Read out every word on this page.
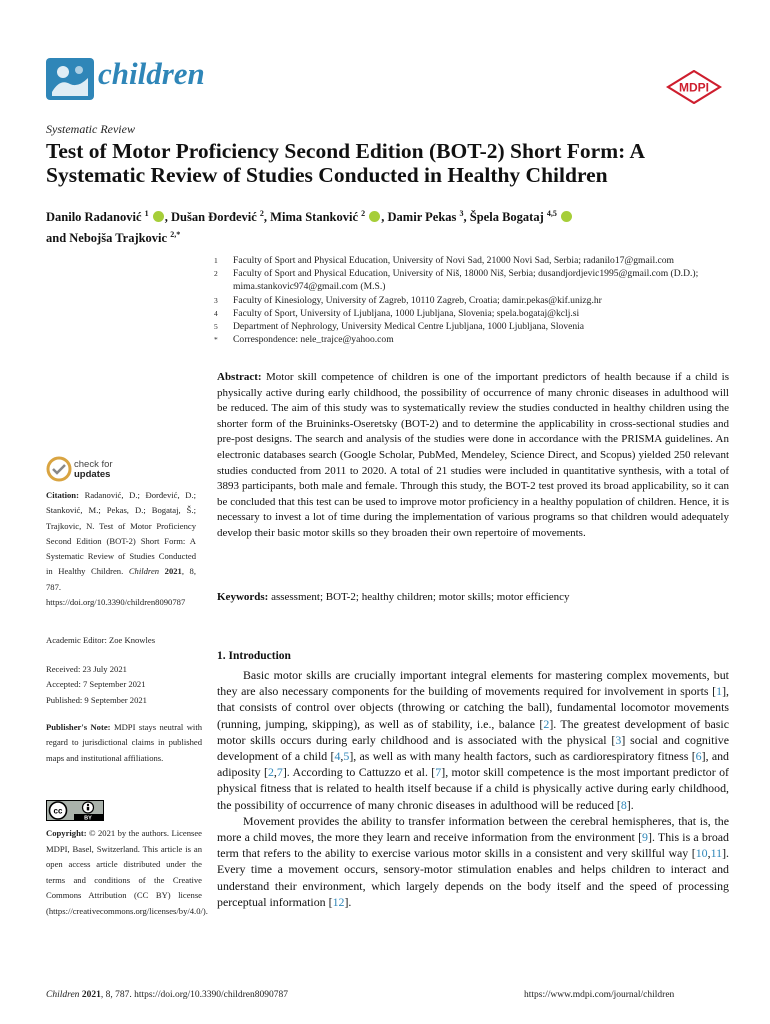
children	MDPI
Systematic Review
Test of Motor Proficiency Second Edition (BOT-2) Short Form: A Systematic Review of Studies Conducted in Healthy Children
Danilo Radanović $^1$ , Dušan Đorđević $^2$, Mima Stanković $^2$ , Damir Pekas $^3$, Špela Bogataj $^{4,5}$
and Nebojša Trajkovic $^{2,*}$
1	Faculty of Sport and Physical Education, University of Novi Sad, 21000 Novi Sad, Serbia; radanilo17@gmail.com
2	Faculty of Sport and Physical Education, University of Niš, 18000 Niš, Serbia; dusandjordjevic1995@gmail.com (D.D.); mima.stankovic974@gmail.com (M.S.)
3	Faculty of Kinesiology, University of Zagreb, 10110 Zagreb, Croatia; damir.pekas@kif.unizg.hr
4	Faculty of Sport, University of Ljubljana, 1000 Ljubljana, Slovenia; spela.bogataj@kclj.si
5	Department of Nephrology, University Medical Centre Ljubljana, 1000 Ljubljana, Slovenia
*	Correspondence: nele_trajce@yahoo.com
Abstract: Motor skill competence of children is one of the important predictors of health because if a child is physically active during early childhood, the possibility of occurrence of many chronic diseases in adulthood will be reduced. The aim of this study was to systematically review the studies conducted in healthy children using the shorter form of the Bruininks-Oseretsky (BOT-2) and to determine the applicability in cross-sectional studies and pre-post designs. The search and analysis of the studies were done in accordance with the PRISMA guidelines. An electronic databases search (Google Scholar, PubMed, Mendeley, Science Direct, and Scopus) yielded 250 relevant studies conducted from 2011 to 2020. A total of 21 studies were included in quantitative synthesis, with a total of 3893 participants, both male and female. Through this study, the BOT-2 test proved its broad applicability, so it can be concluded that this test can be used to improve motor proficiency in a healthy population of children. Hence, it is necessary to invest a lot of time during the implementation of various programs so that children would adequately develop their basic motor skills so they broaden their own repertoire of movements.
Keywords: assessment; BOT-2; healthy children; motor skills; motor efficiency
check for
updates
Citation: Radanović, D.; Đorđević, D.; Stanković, M.; Pekas, D.; Bogataj, Š.; Trajkovic, N. Test of Motor Proficiency Second Edition (BOT-2) Short Form: A Systematic Review of Studies Conducted in Healthy Children. Children 2021, 8, 787. https://doi.org/10.3390/children8090787
Academic Editor: Zoe Knowles
Received: 23 July 2021
Accepted: 7 September 2021
Published: 9 September 2021
Publisher's Note: MDPI stays neutral with regard to jurisdictional claims in published maps and institutional affiliations.
cc
BY
Copyright: © 2021 by the authors. Licensee MDPI, Basel, Switzerland. This article is an open access article distributed under the terms and conditions of the Creative Commons Attribution (CC BY) license (https://creativecommons.org/licenses/by/4.0/).
1. Introduction

Basic motor skills are crucially important integral elements for mastering complex movements, but they are also necessary components for the building of movements required for involvement in sports [1], that consists of control over objects (throwing or catching the ball), fundamental locomotor movements (running, jumping, skipping), as well as of stability, i.e., balance [2]. The greatest development of basic motor skills occurs during early childhood and is associated with the physical [3] social and cognitive development of a child [4,5], as well as with many health factors, such as cardiorespiratory fitness [6], and adiposity [2,7]. According to Cattuzzo et al. [7], motor skill competence is the most important predictor of physical fitness that is related to health itself because if a child is physically active during early childhood, the possibility of occurrence of many chronic diseases in adulthood will be reduced [8].

Movement provides the ability to transfer information between the cerebral hemispheres, that is, the more a child moves, the more they learn and receive information from the environment [9]. This is a broad term that refers to the ability to exercise various motor skills in a consistent and very skillful way [10,11]. Every time a movement occurs, sensory-motor stimulation enables and helps children to interact and understand their environment, which largely depends on the body itself and the speed of processing perceptual information [12].

Children 2021, 8, 787. https://doi.org/10.3390/children8090787	https://www.mdpi.com/journal/children
